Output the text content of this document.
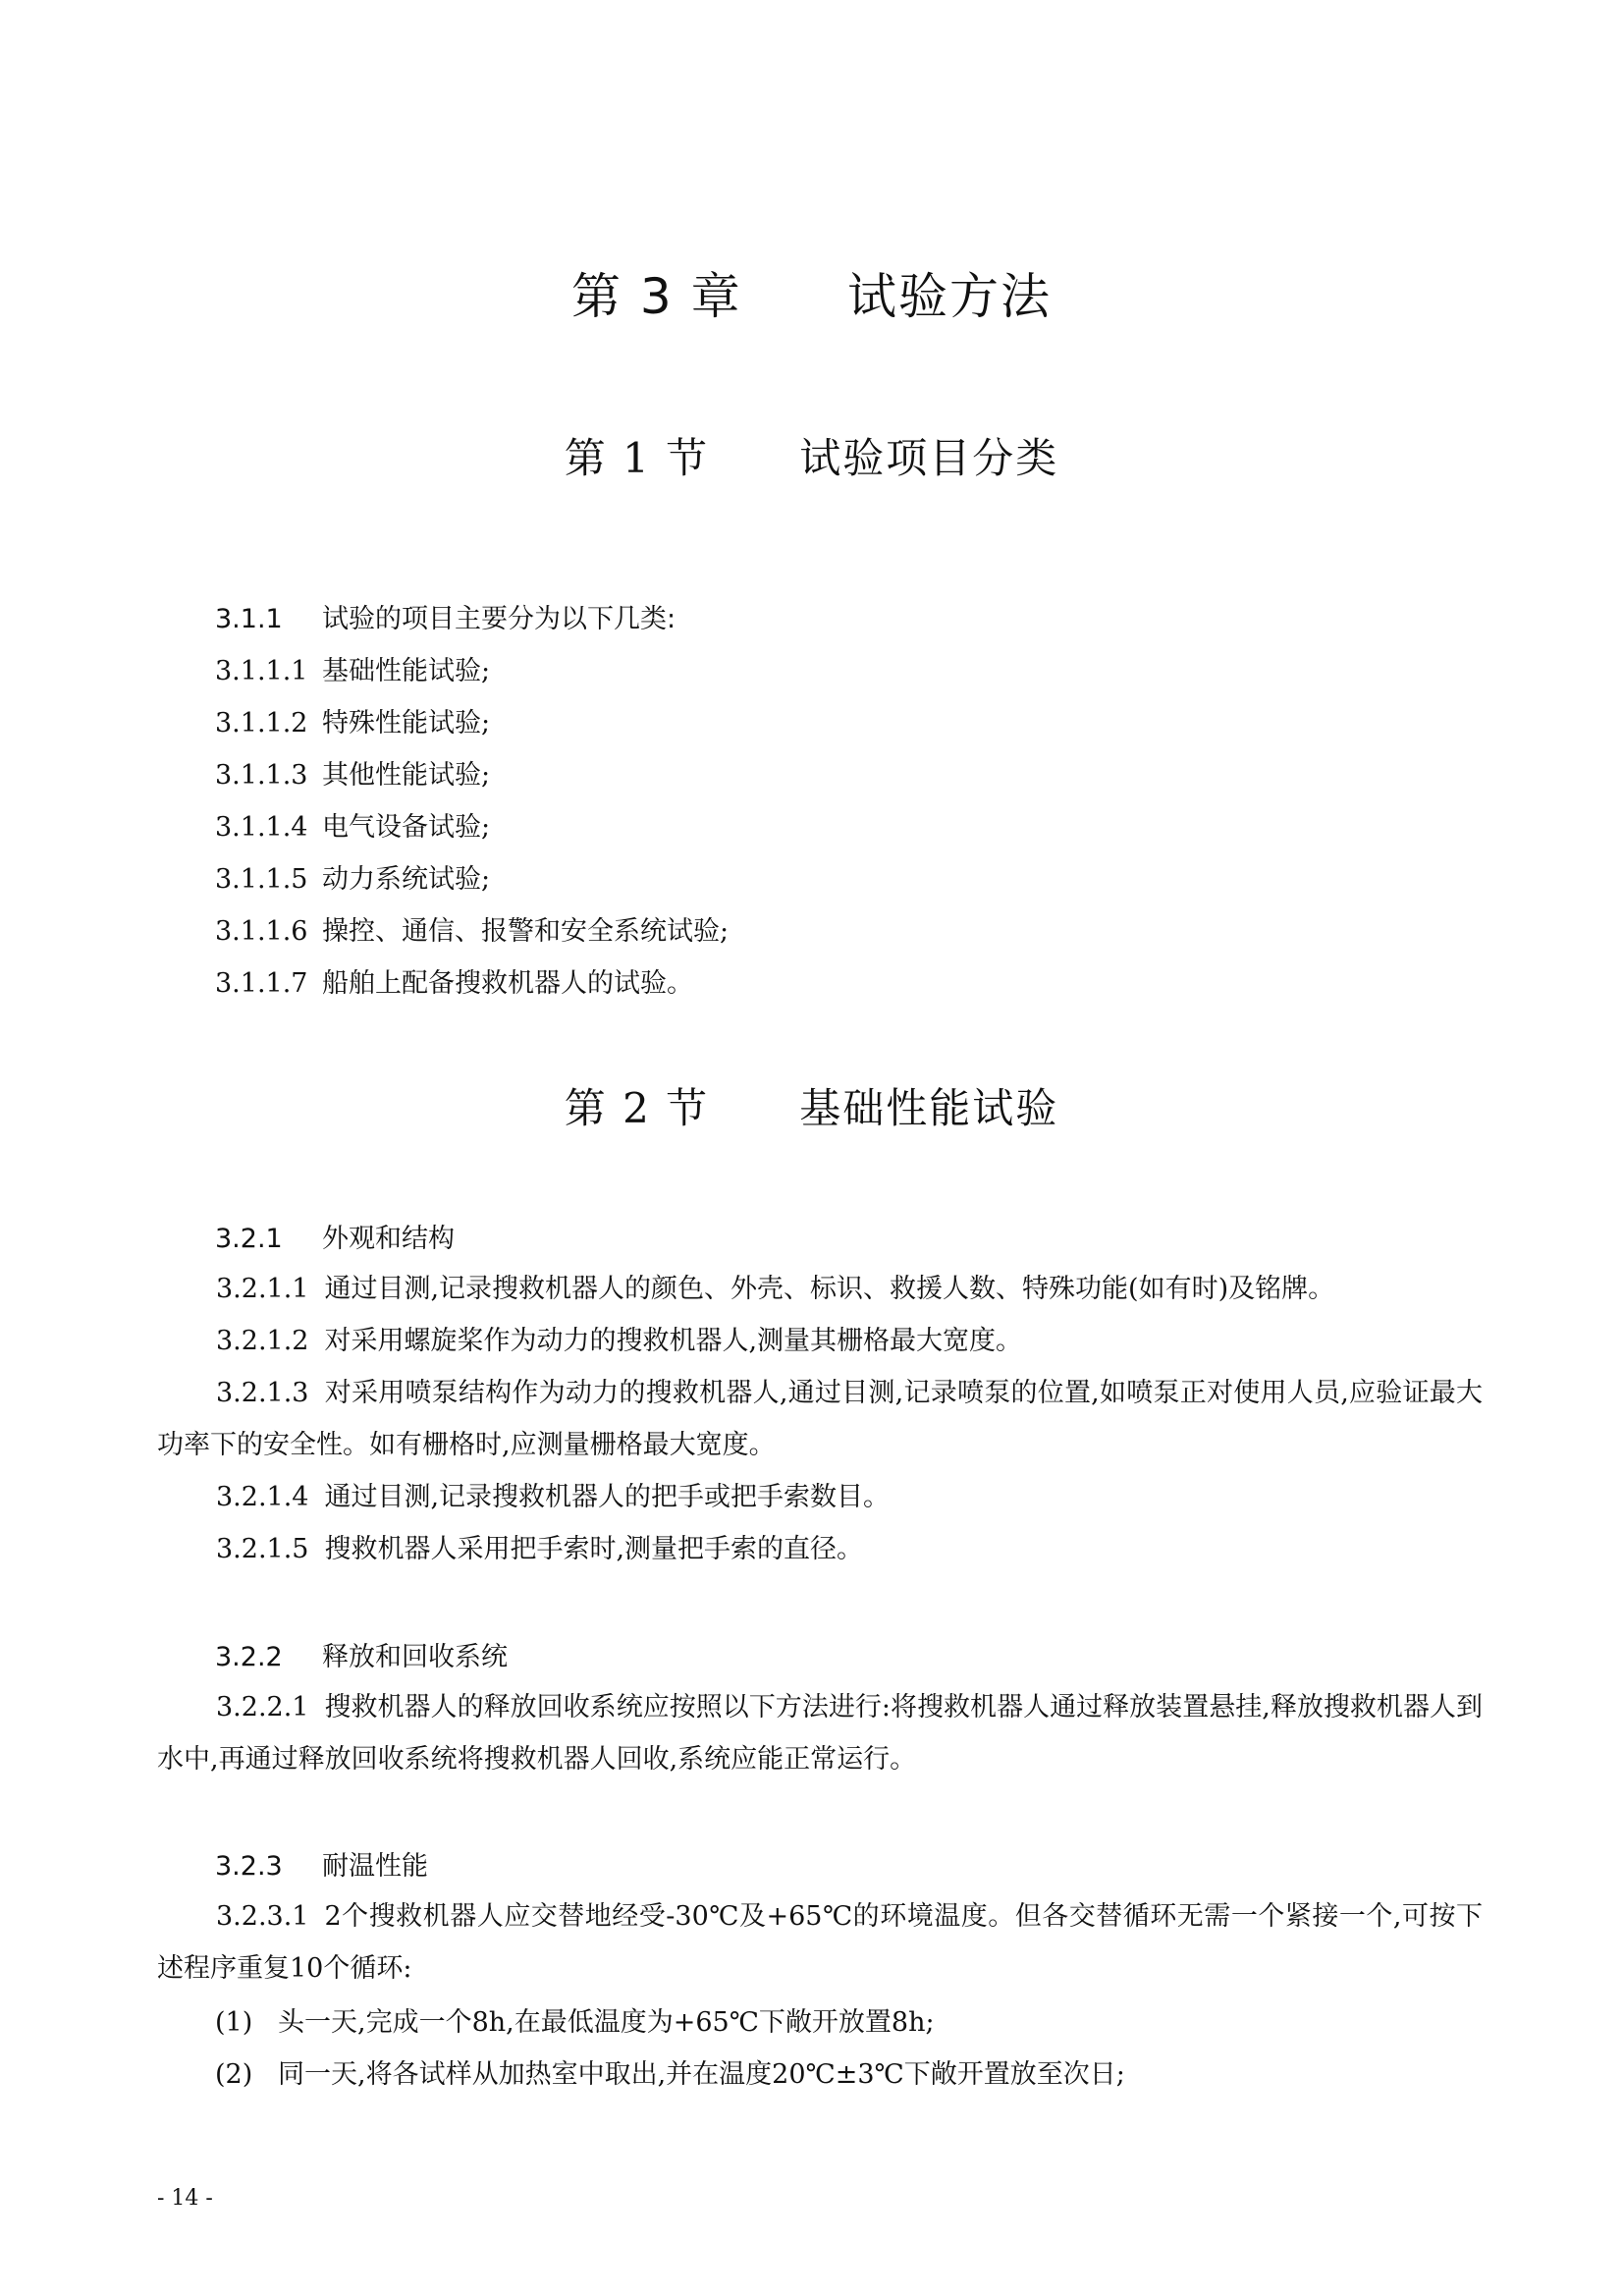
第 3 章 试验方法
第 1 节 试验项目分类
3.1.1 试验的项目主要分为以下几类:
3.1.1.1 基础性能试验;
3.1.1.2 特殊性能试验;
3.1.1.3 其他性能试验;
3.1.1.4 电气设备试验;
3.1.1.5 动力系统试验;
3.1.1.6 操控、通信、报警和安全系统试验;
3.1.1.7 船舶上配备搜救机器人的试验。
第 2 节 基础性能试验
3.2.1 外观和结构
3.2.1.1 通过目测,记录搜救机器人的颜色、外壳、标识、救援人数、特殊功能(如有时)及铭牌。
3.2.1.2 对采用螺旋桨作为动力的搜救机器人,测量其栅格最大宽度。
3.2.1.3 对采用喷泵结构作为动力的搜救机器人,通过目测,记录喷泵的位置,如喷泵正对使用人员,应验证最大功率下的安全性。如有栅格时,应测量栅格最大宽度。
3.2.1.4 通过目测,记录搜救机器人的把手或把手索数目。
3.2.1.5 搜救机器人采用把手索时,测量把手索的直径。
3.2.2 释放和回收系统
3.2.2.1 搜救机器人的释放回收系统应按照以下方法进行:将搜救机器人通过释放装置悬挂,释放搜救机器人到水中,再通过释放回收系统将搜救机器人回收,系统应能正常运行。
3.2.3 耐温性能
3.2.3.1 2个搜救机器人应交替地经受-30℃及+65℃的环境温度。但各交替循环无需一个紧接一个,可按下述程序重复10个循环:
(1) 头一天,完成一个8h,在最低温度为+65℃下敞开放置8h;
(2) 同一天,将各试样从加热室中取出,并在温度20℃±3℃下敞开置放至次日;
- 14 -
